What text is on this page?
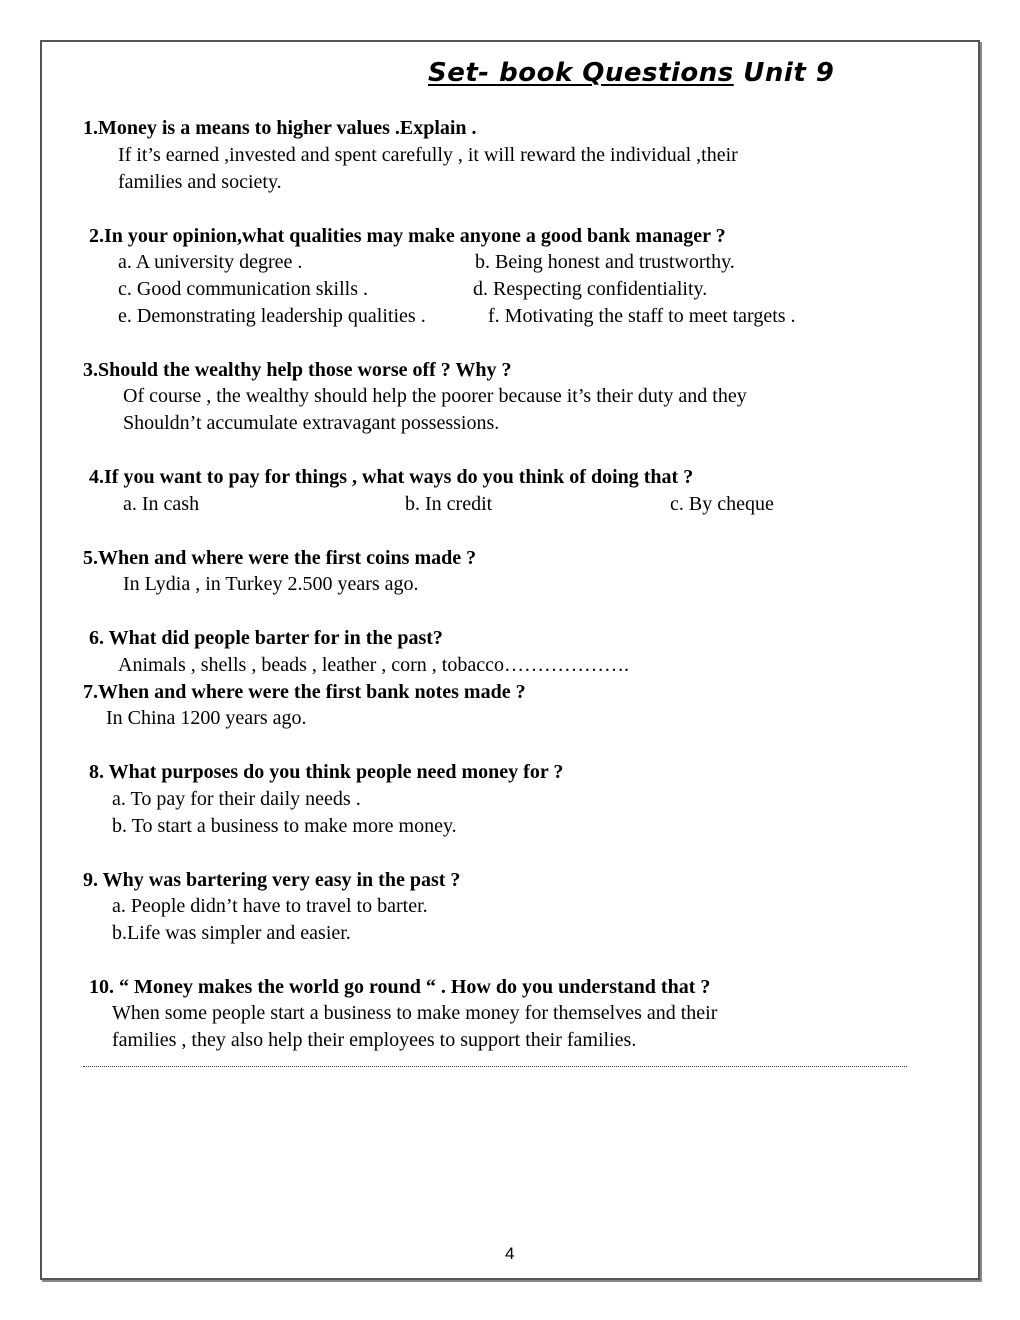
Set- book Questions Unit 9
1.Money is a means to higher values .Explain .
If it’s earned ,invested and spent carefully , it will reward the individual ,their
families and society.
2.In your opinion,what qualities may make anyone a good bank manager ?
a. A university degree .	b. Being honest and trustworthy.
c. Good communication skills .	d. Respecting confidentiality.
e. Demonstrating leadership qualities .	f. Motivating the staff to meet targets .
3.Should the wealthy help those worse off ? Why ?
Of course , the wealthy should help the poorer because it’s their duty and they
Shouldn’t accumulate extravagant possessions.
4.If you want to pay for things , what ways do you think of doing that ?
a. In cash	b. In credit	c. By cheque
5.When and where were the first coins made ?
In Lydia , in Turkey 2.500 years ago.
6. What did people barter for in the past?
Animals , shells , beads , leather , corn , tobacco……………….
7.When and where were the first bank notes made ?
In China 1200 years ago.
8. What purposes do you think people need money for ?
a. To pay for their daily needs .
b. To start a business to make more money.
9. Why was bartering very easy in the past ?
a. People didn’t have to travel to barter.
b.Life was simpler and easier.
10. “ Money makes the world go round “ . How do you understand that ?
When some people start a business to make money for themselves and their
families , they also help their employees to support their families.
4
